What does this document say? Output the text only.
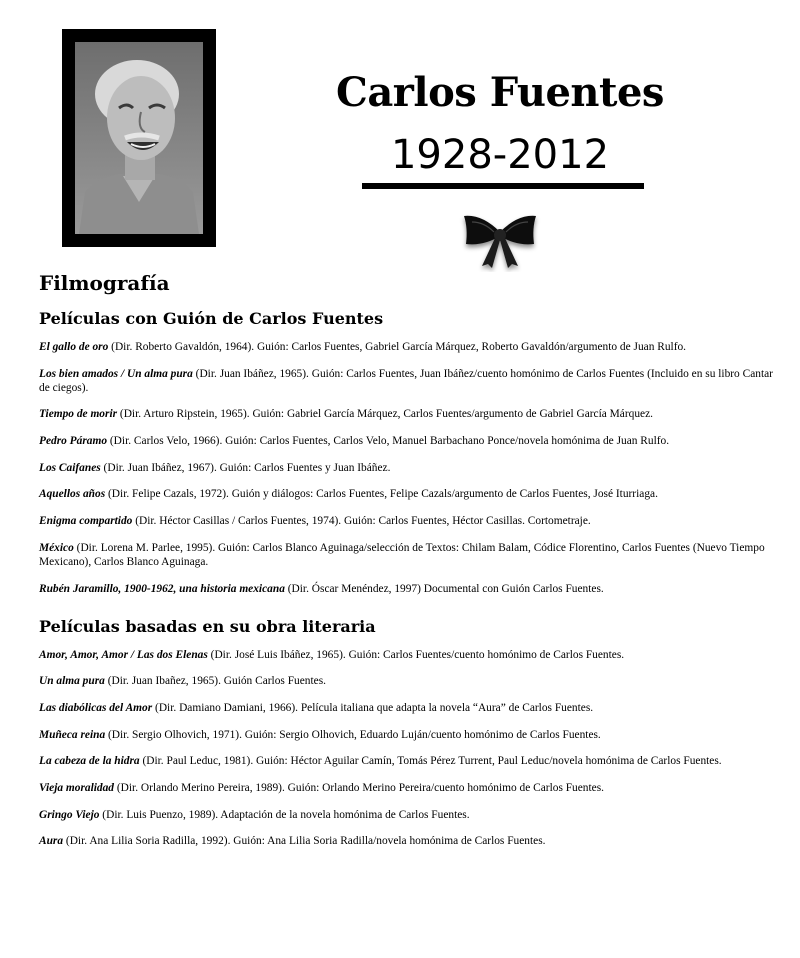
Carlos Fuentes
1928-2012
Filmografía
Películas con Guión de Carlos Fuentes

El gallo de oro (Dir. Roberto Gavaldón, 1964). Guión: Carlos Fuentes, Gabriel García Márquez, Roberto Gavaldón/argumento de Juan Rulfo.

Los bien amados / Un alma pura (Dir. Juan Ibáñez, 1965). Guión: Carlos Fuentes, Juan Ibáñez/cuento homónimo de Carlos Fuentes (Incluido en su libro Cantar de ciegos).

Tiempo de morir (Dir. Arturo Ripstein, 1965). Guión: Gabriel García Márquez, Carlos Fuentes/argumento de Gabriel García Márquez.

Pedro Páramo (Dir. Carlos Velo, 1966). Guión: Carlos Fuentes, Carlos Velo, Manuel Barbachano Ponce/novela homónima de Juan Rulfo.

Los Caifanes (Dir. Juan Ibáñez, 1967). Guión: Carlos Fuentes y Juan Ibáñez.

Aquellos años (Dir. Felipe Cazals, 1972). Guión y diálogos: Carlos Fuentes, Felipe Cazals/argumento de Carlos Fuentes, José Iturriaga.

Enigma compartido (Dir. Héctor Casillas / Carlos Fuentes, 1974). Guión: Carlos Fuentes, Héctor Casillas. Cortometraje.

México (Dir. Lorena M. Parlee, 1995). Guión: Carlos Blanco Aguinaga/selección de Textos: Chilam Balam, Códice Florentino, Carlos Fuentes (Nuevo Tiempo Mexicano), Carlos Blanco Aguinaga.

Rubén Jaramillo, 1900-1962, una historia mexicana (Dir. Óscar Menéndez, 1997) Documental con Guión Carlos Fuentes.

Películas basadas en su obra literaria

Amor, Amor, Amor / Las dos Elenas (Dir. José Luis Ibáñez, 1965). Guión: Carlos Fuentes/cuento homónimo de Carlos Fuentes.

Un alma pura (Dir. Juan Ibañez, 1965). Guión Carlos Fuentes.

Las diabólicas del Amor (Dir. Damiano Damiani, 1966). Película italiana que adapta la novela “Aura” de Carlos Fuentes.

Muñeca reina (Dir. Sergio Olhovich, 1971). Guión: Sergio Olhovich, Eduardo Luján/cuento homónimo de Carlos Fuentes.

La cabeza de la hidra (Dir. Paul Leduc, 1981). Guión: Héctor Aguilar Camín, Tomás Pérez Turrent, Paul Leduc/novela homónima de Carlos Fuentes.

Vieja moralidad (Dir. Orlando Merino Pereira, 1989). Guión: Orlando Merino Pereira/cuento homónimo de Carlos Fuentes.

Gringo Viejo (Dir. Luis Puenzo, 1989). Adaptación de la novela homónima de Carlos Fuentes.

Aura (Dir. Ana Lilia Soria Radilla, 1992). Guión: Ana Lilia Soria Radilla/novela homónima de Carlos Fuentes.
